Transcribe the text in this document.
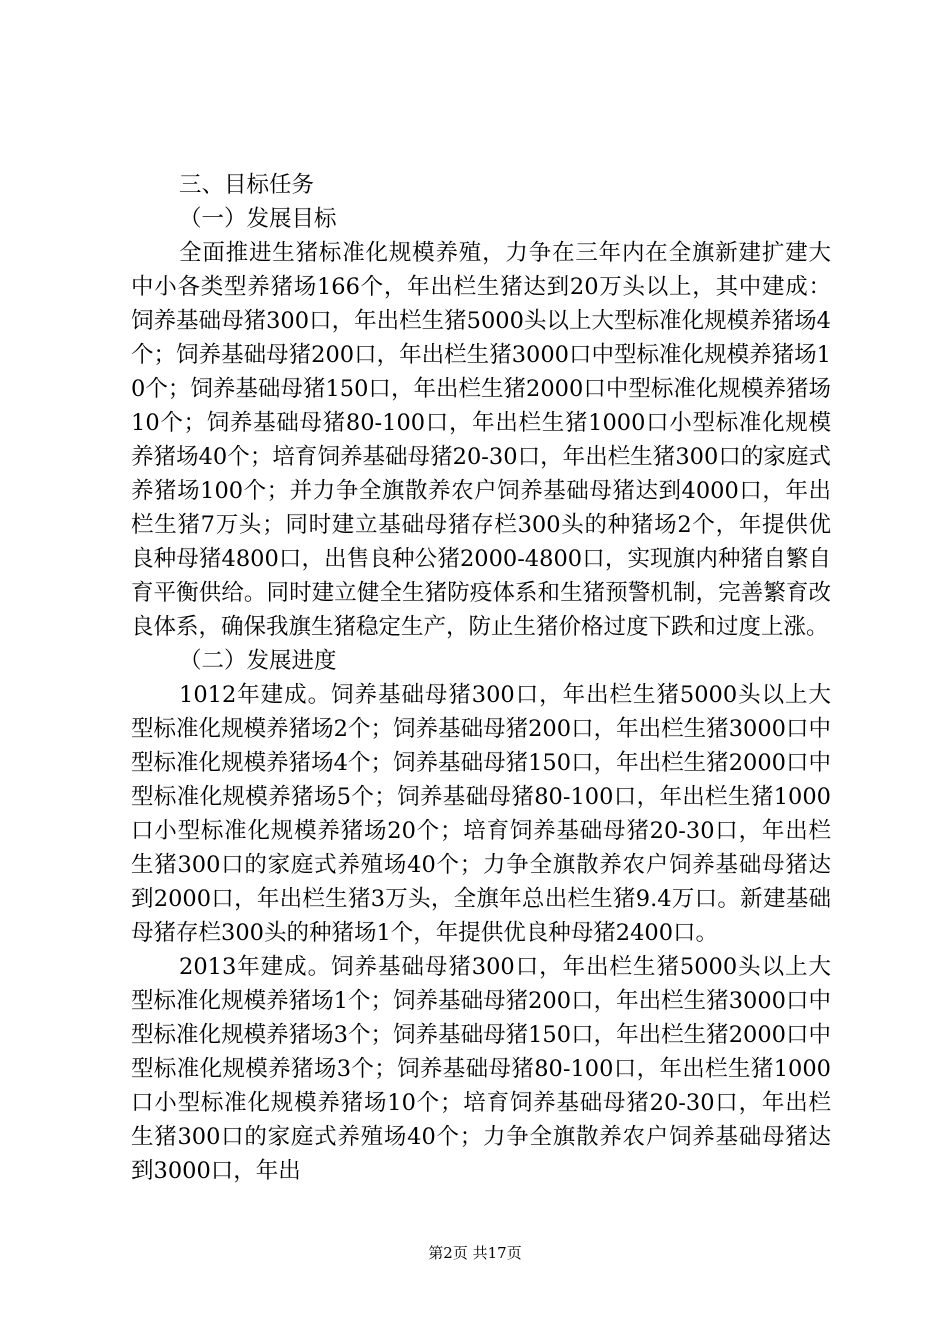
三、目标任务

（一）发展目标

全面推进生猪标准化规模养殖，力争在三年内在全旗新建扩建大中小各类型养猪场166个，年出栏生猪达到20万头以上，其中建成：饲养基础母猪300口，年出栏生猪5000头以上大型标准化规模养猪场4个；饲养基础母猪200口，年出栏生猪3000口中型标准化规模养猪场10个；饲养基础母猪150口，年出栏生猪2000口中型标准化规模养猪场10个；饲养基础母猪80-100口，年出栏生猪1000口小型标准化规模养猪场40个；培育饲养基础母猪20-30口，年出栏生猪300口的家庭式养猪场100个；并力争全旗散养农户饲养基础母猪达到4000口，年出栏生猪7万头；同时建立基础母猪存栏300头的种猪场2个，年提供优良种母猪4800口，出售良种公猪2000-4800口，实现旗内种猪自繁自育平衡供给。同时建立健全生猪防疫体系和生猪预警机制，完善繁育改良体系，确保我旗生猪稳定生产，防止生猪价格过度下跌和过度上涨。

（二）发展进度

1012年建成。饲养基础母猪300口，年出栏生猪5000头以上大型标准化规模养猪场2个；饲养基础母猪200口，年出栏生猪3000口中型标准化规模养猪场4个；饲养基础母猪150口，年出栏生猪2000口中型标准化规模养猪场5个；饲养基础母猪80-100口，年出栏生猪1000口小型标准化规模养猪场20个；培育饲养基础母猪20-30口，年出栏生猪300口的家庭式养殖场40个；力争全旗散养农户饲养基础母猪达到2000口，年出栏生猪3万头，全旗年总出栏生猪9.4万口。新建基础母猪存栏300头的种猪场1个，年提供优良种母猪2400口。

2013年建成。饲养基础母猪300口，年出栏生猪5000头以上大型标准化规模养猪场1个；饲养基础母猪200口，年出栏生猪3000口中型标准化规模养猪场3个；饲养基础母猪150口，年出栏生猪2000口中型标准化规模养猪场3个；饲养基础母猪80-100口，年出栏生猪1000口小型标准化规模养猪场10个；培育饲养基础母猪20-30口，年出栏生猪300口的家庭式养殖场40个；力争全旗散养农户饲养基础母猪达到3000口，年出

第2页 共17页
